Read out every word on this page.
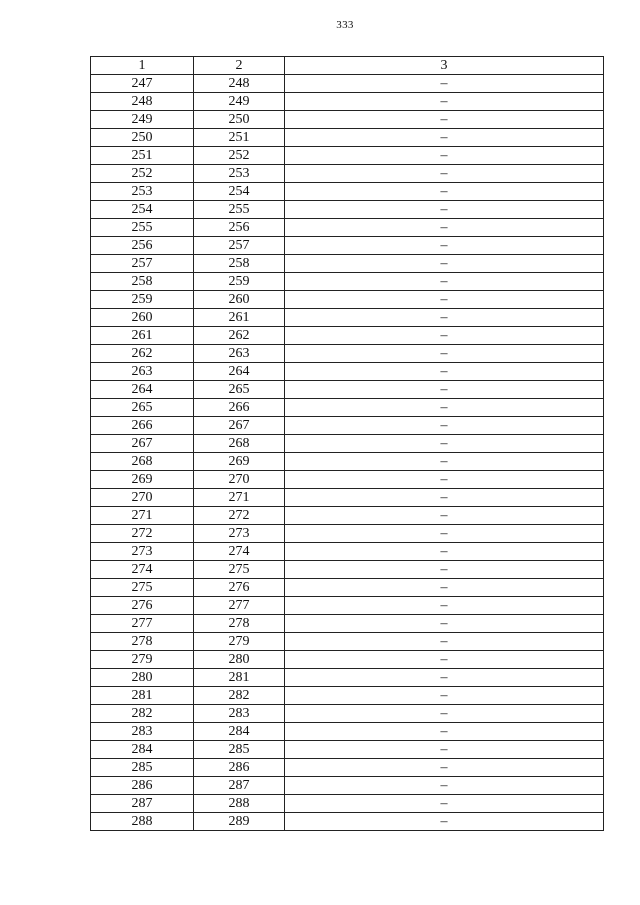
333
1	2	3
247	248	–
248	249	–
249	250	–
250	251	–
251	252	–
252	253	–
253	254	–
254	255	–
255	256	–
256	257	–
257	258	–
258	259	–
259	260	–
260	261	–
261	262	–
262	263	–
263	264	–
264	265	–
265	266	–
266	267	–
267	268	–
268	269	–
269	270	–
270	271	–
271	272	–
272	273	–
273	274	–
274	275	–
275	276	–
276	277	–
277	278	–
278	279	–
279	280	–
280	281	–
281	282	–
282	283	–
283	284	–
284	285	–
285	286	–
286	287	–
287	288	–
288	289	–
